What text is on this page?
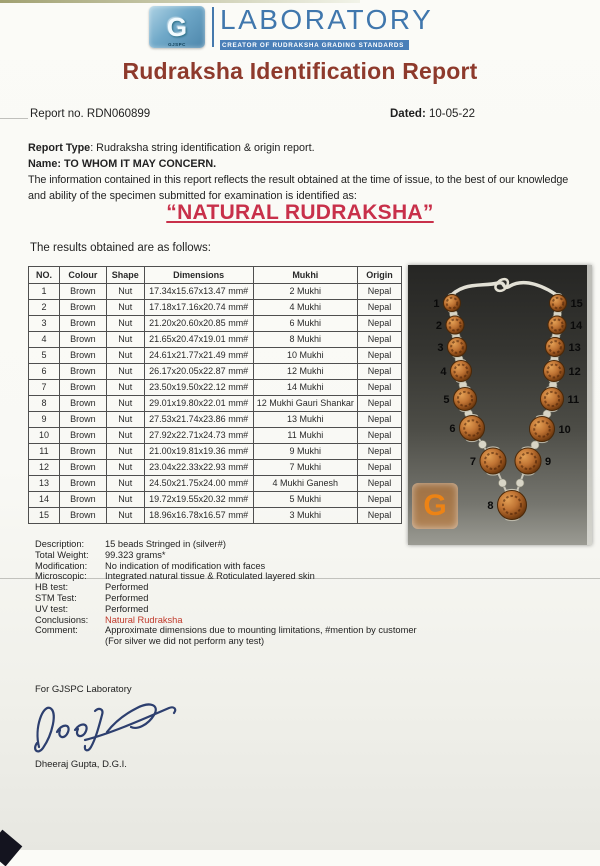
G
GJSPC
LABORATORY
CREATOR OF RUDRAKSHA GRADING STANDARDS
Rudraksha Identification Report
Report no. RDN060899	Dated: 10-05-22
Report Type: Rudraksha string identification & origin report.
Name: TO WHOM IT MAY CONCERN.
The information contained in this report reflects the result obtained at the time of issue, to the best of our knowledge
and ability of the specimen submitted for examination is identified as:
“NATURAL RUDRAKSHA”
The results obtained are as follows:
NO.	Colour	Shape	Dimensions	Mukhi	Origin
1	Brown	Nut	17.34x15.67x13.47 mm#	2 Mukhi	Nepal
2	Brown	Nut	17.18x17.16x20.74 mm#	4 Mukhi	Nepal
3	Brown	Nut	21.20x20.60x20.85 mm#	6 Mukhi	Nepal
4	Brown	Nut	21.65x20.47x19.01 mm#	8 Mukhi	Nepal
5	Brown	Nut	24.61x21.77x21.49 mm#	10 Mukhi	Nepal
6	Brown	Nut	26.17x20.05x22.87 mm#	12 Mukhi	Nepal
7	Brown	Nut	23.50x19.50x22.12 mm#	14 Mukhi	Nepal
8	Brown	Nut	29.01x19.80x22.01 mm#	12 Mukhi Gauri Shankar	Nepal
9	Brown	Nut	27.53x21.74x23.86 mm#	13 Mukhi	Nepal
10	Brown	Nut	27.92x22.71x24.73 mm#	11 Mukhi	Nepal
11	Brown	Nut	21.00x19.81x19.36 mm#	9 Mukhi	Nepal
12	Brown	Nut	23.04x22.33x22.93 mm#	7 Mukhi	Nepal
13	Brown	Nut	24.50x21.75x24.00 mm#	4 Mukhi Ganesh	Nepal
14	Brown	Nut	19.72x19.55x20.32 mm#	5 Mukhi	Nepal
15	Brown	Nut	18.96x16.78x16.57 mm#	3 Mukhi	Nepal
1
2
3
4
5
6
7
8
15
14
13
12
11
10
9
G
Description:	15 beads Stringed in (silver#)
Total Weight:	99.323 grams*
Modification:	No indication of modification with faces
Microscopic:	Integrated natural tissue & Roticulated layered skin
HB test:	Performed
STM Test:	Performed
UV test:	Performed
Conclusions:	Natural Rudraksha
Comment:	Approximate dimensions due to mounting limitations, #mention by customer
(For silver we did not perform any test)
For GJSPC Laboratory
Dheeraj Gupta, D.G.I.
